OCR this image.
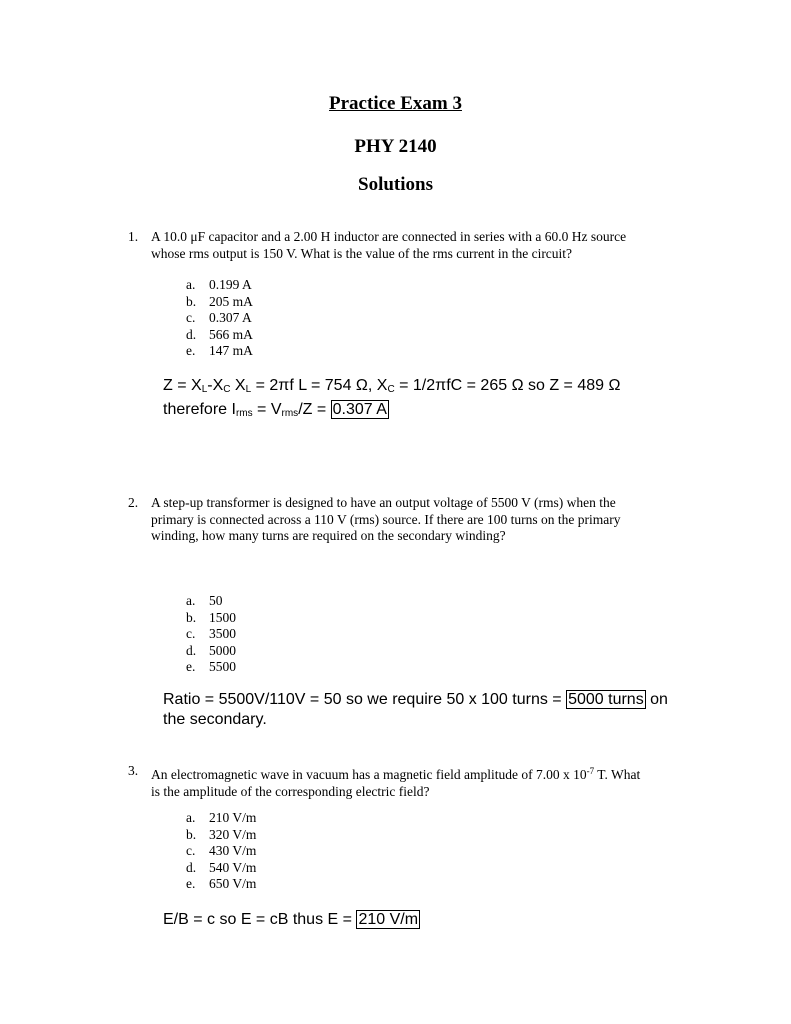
Practice Exam 3
PHY 2140
Solutions
1. A 10.0 μF capacitor and a 2.00 H inductor are connected in series with a 60.0 Hz source
whose rms output is 150 V. What is the value of the rms current in the circuit?
a.	0.199 A
b. 205 mA
c.	0.307 A
d. 566 mA
e.	147 mA
$Z = X_L-X_C$ $X_L = 2\pi f$ L = 754 Ω, $X_C = 1/2\pi fC = 265$ Ω so Z = 489 Ω
therefore $I_{rms} = V_{rms}/Z = 0.307$ A
2. A step-up transformer is designed to have an output voltage of 5500 V (rms) when the
primary is connected across a 110 V (rms) source. If there are 100 turns on the primary
winding, how many turns are required on the secondary winding?
a.	50
b. 1500
c.	3500
d. 5000
e.	5500
Ratio = 5500V/110V = 50 so we require 50 x 100 turns = 5000 turns on
the secondary.
3. An electromagnetic wave in vacuum has a magnetic field amplitude of 7.00 x $10^{-7}$ T. What
is the amplitude of the corresponding electric field?
a.	210 V/m
b. 320 V/m
c.	430 V/m
d. 540 V/m
e.	650 V/m
E/B = c so E = cB thus E = 210 V/m
